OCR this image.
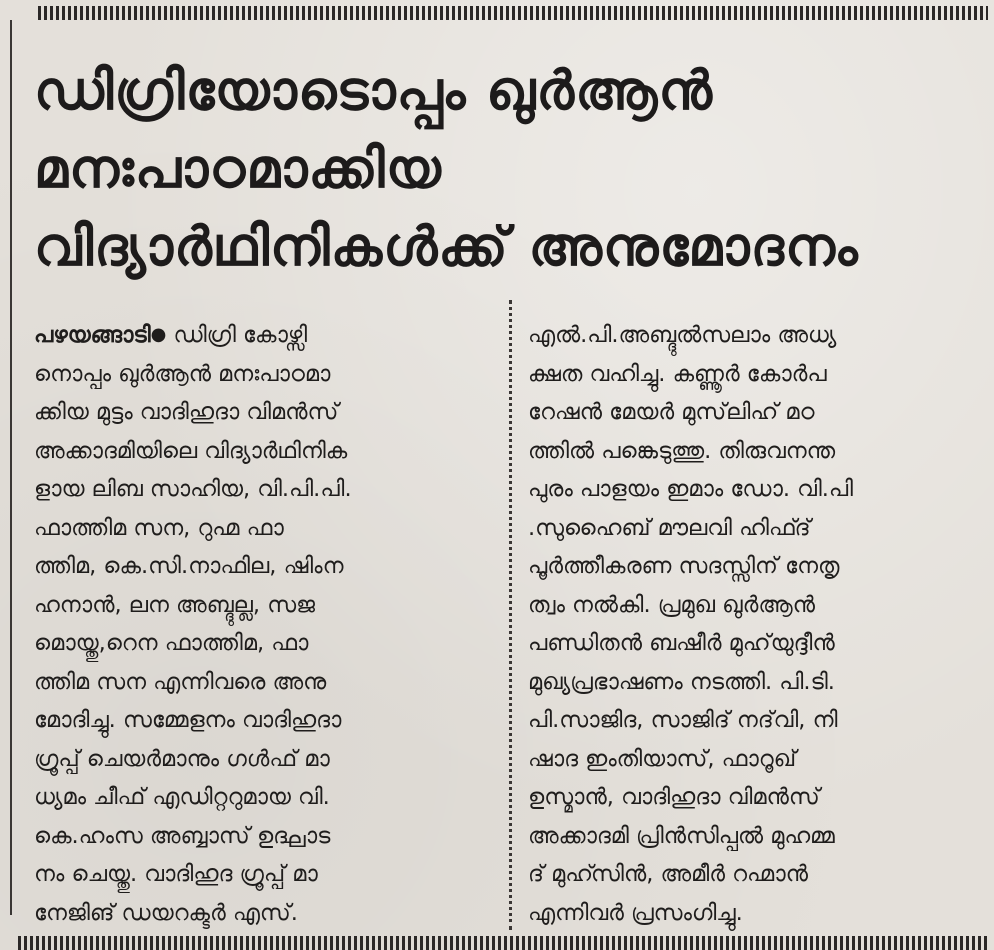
ഡിഗ്രിയോടൊപ്പം ഖുർആൻ
മനഃപാഠമാക്കിയ
വിദ്യാർഥിനികൾക്ക് അനുമോദനം
പഴയങ്ങാടി● ഡിഗ്രി കോഴ്സി
നൊപ്പം ഖുർആൻ മനഃപാഠമാ
ക്കിയ മുട്ടം വാദിഹുദാ വിമൻസ്
അക്കാദമിയിലെ വിദ്യാർഥിനിക
ളായ ലിബ സാഹിയ, വി.പി.പി.
ഫാത്തിമ സന, റുഹ്മ ഫാ
ത്തിമ, കെ.സി.നാഫില, ഷിംന
ഹനാൻ, ലന അബ്ദുല്ല, സജ
മൊയ്തു,റെന ഫാത്തിമ, ഫാ
ത്തിമ സന എന്നിവരെ അനു
മോദിച്ചു. സമ്മേളനം വാദിഹുദാ
ഗ്രൂപ്പ് ചെയർമാനും ഗൾഫ് മാ
ധ്യമം ചീഫ് എഡിറ്ററുമായ വി.
കെ.ഹംസ അബ്ബാസ് ഉദ്ഘാട
നം ചെയ്തു. വാദിഹുദ ഗ്രൂപ്പ് മാ
നേജിങ് ഡയറക്ടർ എസ്.
എൽ.പി.അബ്ദുൽസലാം അധ്യ
ക്ഷത വഹിച്ചു. കണ്ണൂർ കോർപ
റേഷൻ മേയർ മുസ്‌ലിഹ് മഠ
ത്തിൽ പങ്കെടുത്തു. തിരുവനന്ത
പുരം പാളയം ഇമാം ഡോ. വി.പി
.സുഹൈബ് മൗലവി ഹിഫ്ദ്
പൂർത്തീകരണ സദസ്സിന് നേതൃ
ത്വം നൽകി. പ്രമുഖ ഖുർആൻ
പണ്ഡിതൻ ബഷീർ മുഹ്‌യുദ്ദീൻ
മുഖ്യപ്രഭാഷണം നടത്തി. പി.ടി.
പി.സാജിദ, സാജിദ് നദ്‌വി, നി
ഷാദ ഇംതിയാസ്, ഫാറൂഖ്
ഉസ്മാൻ, വാദിഹുദാ വിമൻസ്
അക്കാദമി പ്രിൻസിപ്പൽ മുഹമ്മ
ദ് മുഹ്സിൻ, അമീർ റഹ്മാൻ
എന്നിവർ പ്രസംഗിച്ചു.
